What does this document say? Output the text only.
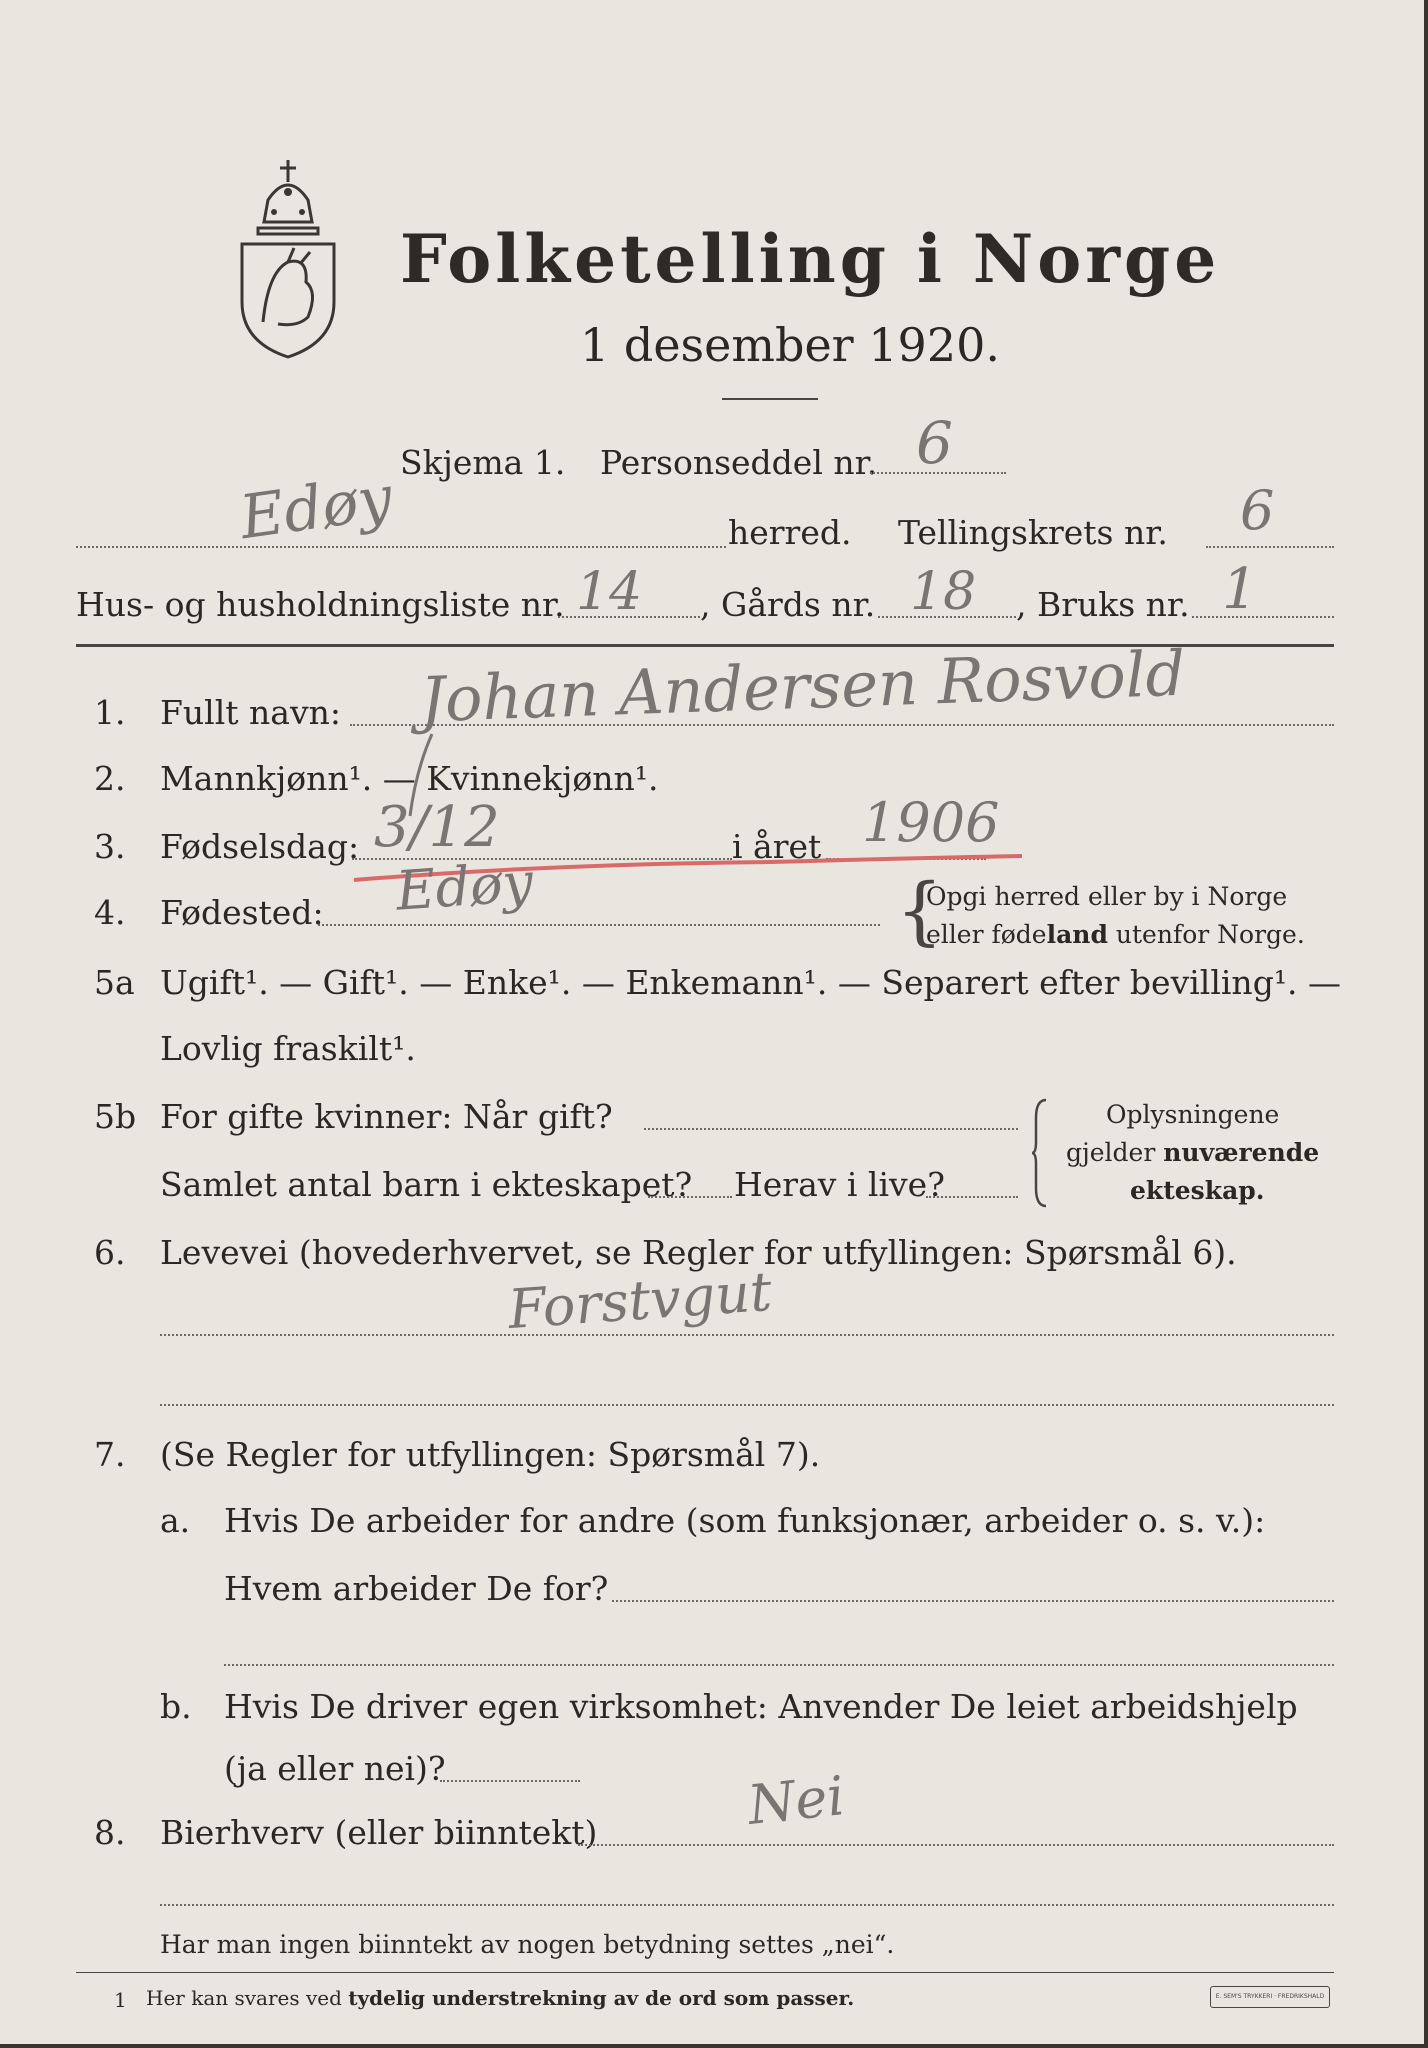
Folketelling i Norge
1 desember 1920.
Skjema 1. Personseddel nr. 6
Edøy	herred. Tellingskrets nr. 6
Hus- og husholdningsliste nr. 14 , Gårds nr. 18 , Bruks nr. 1
1. Fullt navn: Johan Andersen Rosvold
2. Mannkjønn¹. — Kvinnekjønn¹.
3. Fødselsdag: 3/12	i året 1906
4. Fødested: Edøy	{
Opgi herred eller by i Norge
eller fødeland utenfor Norge.
5a Ugift¹. — Gift¹. — Enke¹. — Enkemann¹. — Separert efter bevilling¹. —
Lovlig fraskilt¹.
5b For gifte kvinner: Når gift?
Samlet antal barn i ekteskapet? Herav i live?
Oplysningene
gjelder nuværende
ekteskap.
6. Levevei (hovederhvervet, se Regler for utfyllingen: Spørsmål 6).
Forstvgut
7. (Se Regler for utfyllingen: Spørsmål 7).
a. Hvis De arbeider for andre (som funksjonær, arbeider o. s. v.):
Hvem arbeider De for?
b. Hvis De driver egen virksomhet: Anvender De leiet arbeidshjelp
(ja eller nei)?
8. Bierhverv (eller biinntekt)	Nei
Har man ingen biinntekt av nogen betydning settes „nei“.
1 Her kan svares ved tydelig understrekning av de ord som passer.	E. SEM'S TRYKKERI · FREDRIKSHALD
